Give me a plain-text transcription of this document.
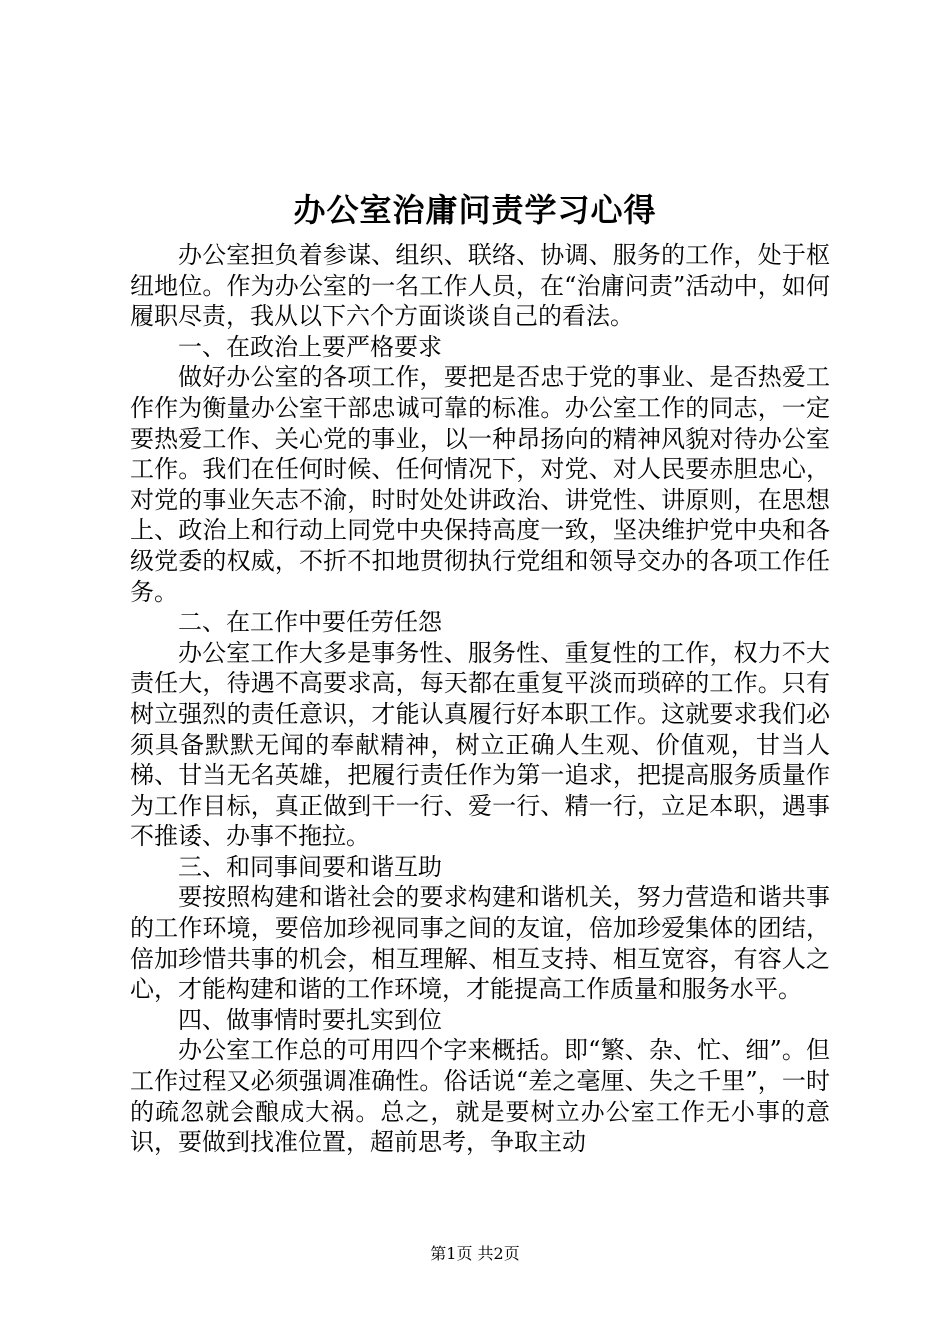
办公室治庸问责学习心得

办公室担负着参谋、组织、联络、协调、服务的工作，处于枢纽地位。作为办公室的一名工作人员，在“治庸问责”活动中，如何履职尽责，我从以下六个方面谈谈自己的看法。

一、在政治上要严格要求

做好办公室的各项工作，要把是否忠于党的事业、是否热爱工作作为衡量办公室干部忠诚可靠的标准。办公室工作的同志，一定要热爱工作、关心党的事业，以一种昂扬向的精神风貌对待办公室工作。我们在任何时候、任何情况下，对党、对人民要赤胆忠心，对党的事业矢志不渝，时时处处讲政治、讲党性、讲原则，在思想上、政治上和行动上同党中央保持高度一致，坚决维护党中央和各级党委的权威，不折不扣地贯彻执行党组和领导交办的各项工作任务。

二、在工作中要任劳任怨

办公室工作大多是事务性、服务性、重复性的工作，权力不大责任大，待遇不高要求高，每天都在重复平淡而琐碎的工作。只有树立强烈的责任意识，才能认真履行好本职工作。这就要求我们必须具备默默无闻的奉献精神，树立正确人生观、价值观，甘当人梯、甘当无名英雄，把履行责任作为第一追求，把提高服务质量作为工作目标，真正做到干一行、爱一行、精一行，立足本职，遇事不推诿、办事不拖拉。

三、和同事间要和谐互助

要按照构建和谐社会的要求构建和谐机关，努力营造和谐共事的工作环境，要倍加珍视同事之间的友谊，倍加珍爱集体的团结，倍加珍惜共事的机会，相互理解、相互支持、相互宽容，有容人之心，才能构建和谐的工作环境，才能提高工作质量和服务水平。

四、做事情时要扎实到位

办公室工作总的可用四个字来概括。即“繁、杂、忙、细”。但工作过程又必须强调准确性。俗话说“差之毫厘、失之千里”，一时的疏忽就会酿成大祸。总之，就是要树立办公室工作无小事的意识，要做到找准位置，超前思考，争取主动

第1页 共2页
